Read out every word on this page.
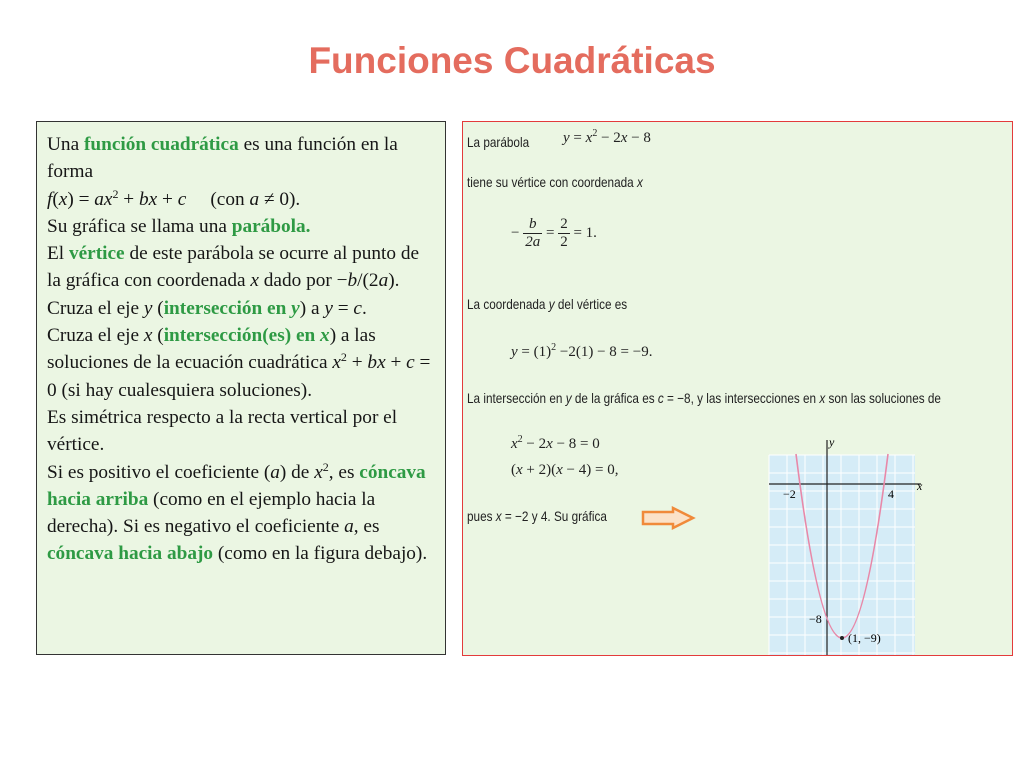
Funciones Cuadráticas

Una función cuadrática es una función en la forma

$f(x) = ax^2$ + bx + c     (con a ≠ 0).

Su gráfica se llama una parábola.

El vértice de este parábola se ocurre al punto de la gráfica con coordenada x dado por −b/(2a).

Cruza el eje y (intersección en y) a y = c.

Cruza el eje x (intersección(es) en x) a las soluciones de la ecuación cuadrática $x^2$ + bx + c = 0 (si hay cualesquiera soluciones).

Es simétrica respecto a la recta vertical por el vértice.

Si es positivo el coeficiente (a) de $x^2$, es cóncava hacia arriba (como en el ejemplo hacia la derecha). Si es negativo el coeficiente a, es cóncava hacia abajo (como en la figura debajo).

La parábola	$y = x^2 - 2x - 8$
tiene su vértice con coordenada x
− $\frac{b}{2a} = \frac{2}{2} = 1$.
La coordenada y del vértice es
$y = (1)^2 -2(1) - 8 = -9$.
La intersección en y de la gráfica es c = −8, y las intersecciones en x son las soluciones de
$x^2 - 2x - 8 = 0$
(x + 2)(x − 4) = 0,
pues x = −2 y 4. Su gráfica
y
x
−2	4
−8
(1, −9)
